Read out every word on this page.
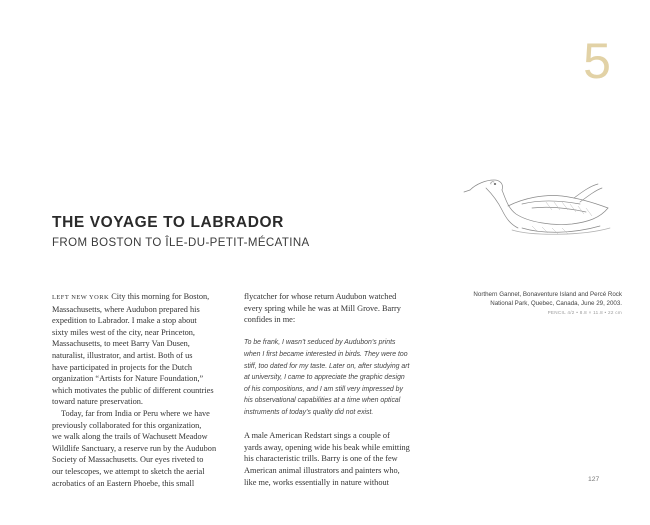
5
THE VOYAGE TO LABRADOR
FROM BOSTON TO ÎLE-DU-PETIT-MÉCATINA

LEFT NEW YORK City this morning for Boston,

Massachusetts, where Audubon prepared his

expedition to Labrador. I make a stop about

sixty miles west of the city, near Princeton,

Massachusetts, to meet Barry Van Dusen,

naturalist, illustrator, and artist. Both of us

have participated in projects for the Dutch

organization “Artists for Nature Foundation,”

which motivates the public of different countries

toward nature preservation.

Today, far from India or Peru where we have

previously collaborated for this organization,

we walk along the trails of Wachusett Meadow

Wildlife Sanctuary, a reserve run by the Audubon

Society of Massachusetts. Our eyes riveted to

our telescopes, we attempt to sketch the aerial

acrobatics of an Eastern Phoebe, this small

flycatcher for whose return Audubon watched

every spring while he was at Mill Grove. Barry

confides in me:

To be frank, I wasn’t seduced by Audubon’s prints

when I first became interested in birds. They were too

stiff, too dated for my taste. Later on, after studying art

at university, I came to appreciate the graphic design

of his compositions, and I am still very impressed by

his observational capabilities at a time when optical

instruments of today’s quality did not exist.

A male American Redstart sings a couple of

yards away, opening wide his beak while emitting

his characteristic trills. Barry is one of the few

American animal illustrators and painters who,

like me, works essentially in nature without

Northern Gannet, Bonaventure Island and Percé Rock
National Park, Quebec, Canada, June 29, 2003.
PENCIL 4/2 • 8.8 × 11.8 • 22 cm
127
